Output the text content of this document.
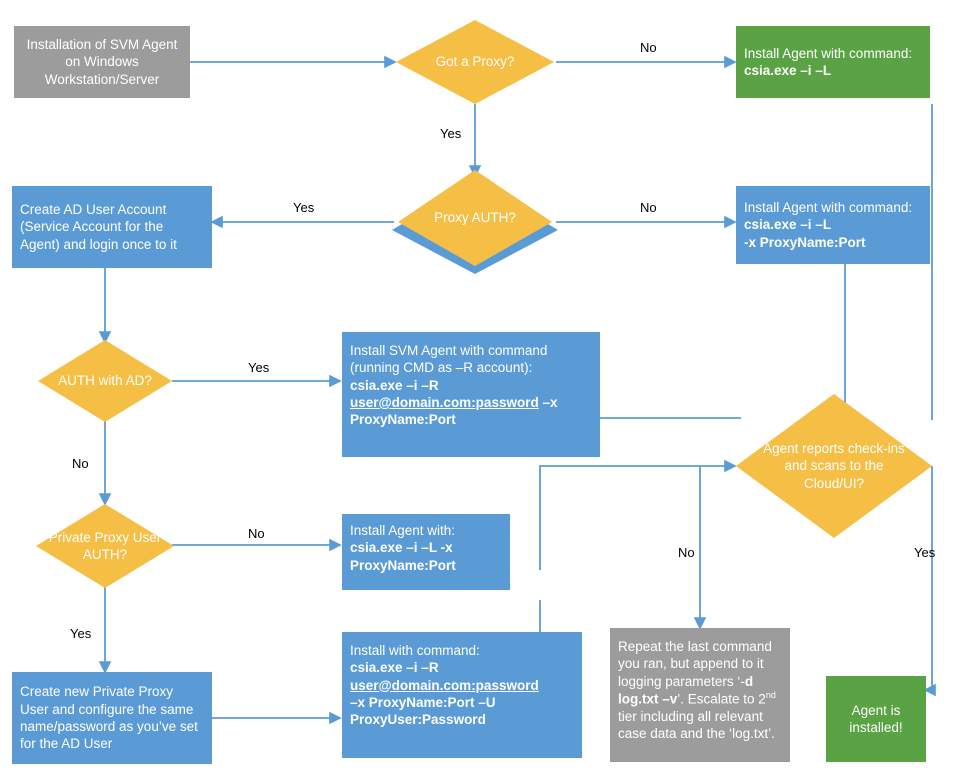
Installation of SVM Agent on Windows Workstation/Server
Got a Proxy?
No
Yes
Install Agent with command: csia.exe –i –L
Proxy AUTH?
Yes	No
Create AD User Account (Service Account for the Agent) and login once to it
Install Agent with command: csia.exe –i –L
-x ProxyName:Port
AUTH with AD?
Yes
No
Install SVM Agent with command (running CMD as –R account):
csia.exe –i –R
user@domain.com:password –x
ProxyName:Port
Private Proxy User AUTH?
No
Yes
Install Agent with:
csia.exe –i –L -x
ProxyName:Port
Install with command:
csia.exe –i –R
user@domain.com:password
–x ProxyName:Port –U
ProxyUser:Password
Create new Private Proxy User and configure the same name/password as you’ve set for the AD User
Agent reports check-ins and scans to the Cloud/UI?
No	Yes
Repeat the last command you ran, but append to it logging parameters ‘-d log.txt –v’. Escalate to 2nd tier including all relevant case data and the ‘log.txt’.
Agent is installed!
